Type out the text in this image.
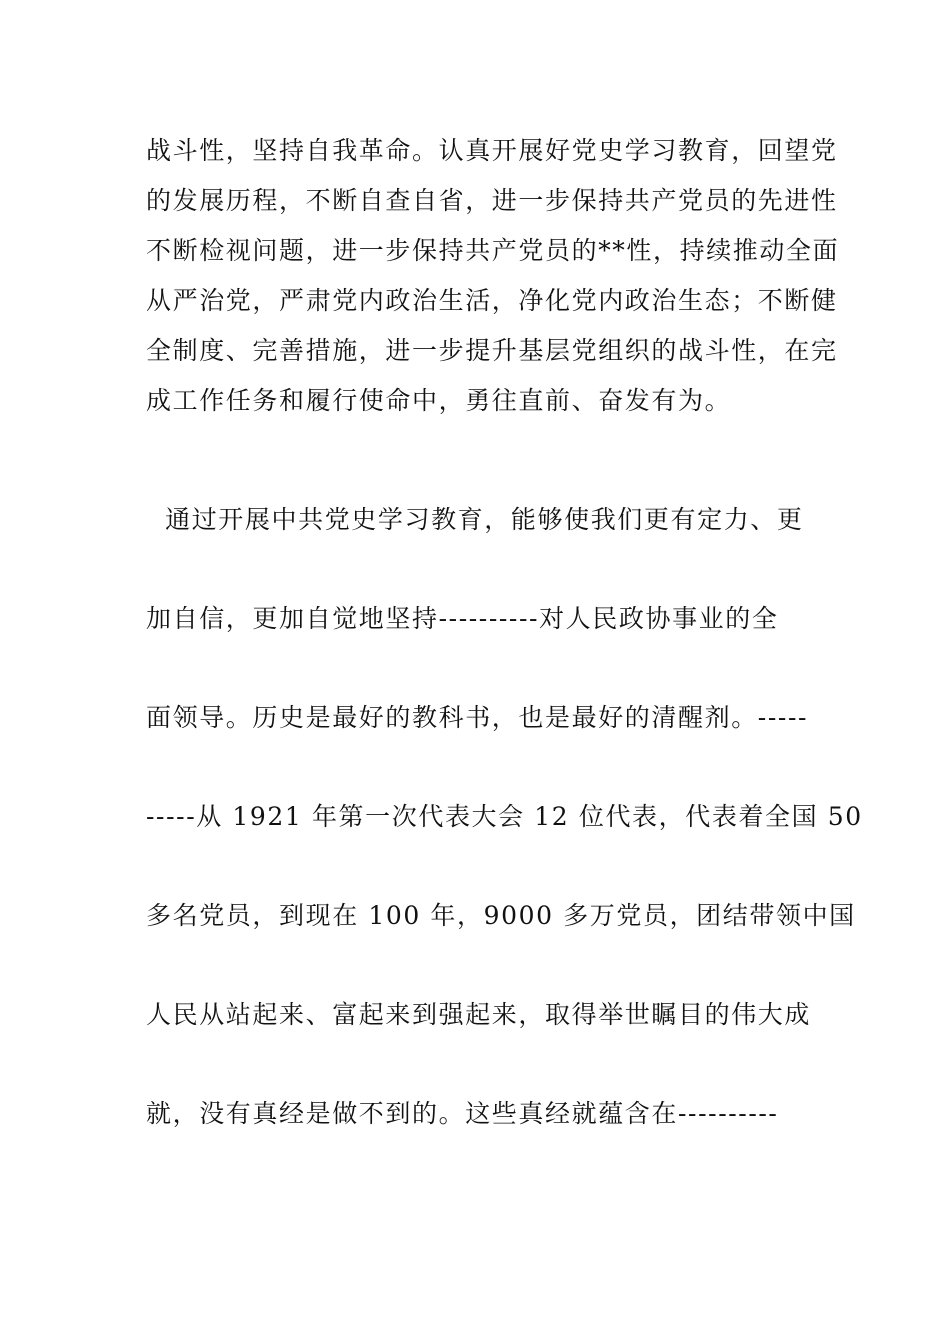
战斗性，坚持自我革命。认真开展好党史学习教育，回望党
的发展历程，不断自查自省，进一步保持共产党员的先进性
不断检视问题，进一步保持共产党员的**性，持续推动全面
从严治党，严肃党内政治生活，净化党内政治生态；不断健
全制度、完善措施，进一步提升基层党组织的战斗性，在完
成工作任务和履行使命中，勇往直前、奋发有为。
通过开展中共党史学习教育，能够使我们更有定力、更
加自信，更加自觉地坚持----------对人民政协事业的全
面领导。历史是最好的教科书，也是最好的清醒剂。-----
-----从 1921 年第一次代表大会 12 位代表，代表着全国 50
多名党员，到现在 100 年，9000 多万党员，团结带领中国
人民从站起来、富起来到强起来，取得举世瞩目的伟大成
就，没有真经是做不到的。这些真经就蕴含在----------
